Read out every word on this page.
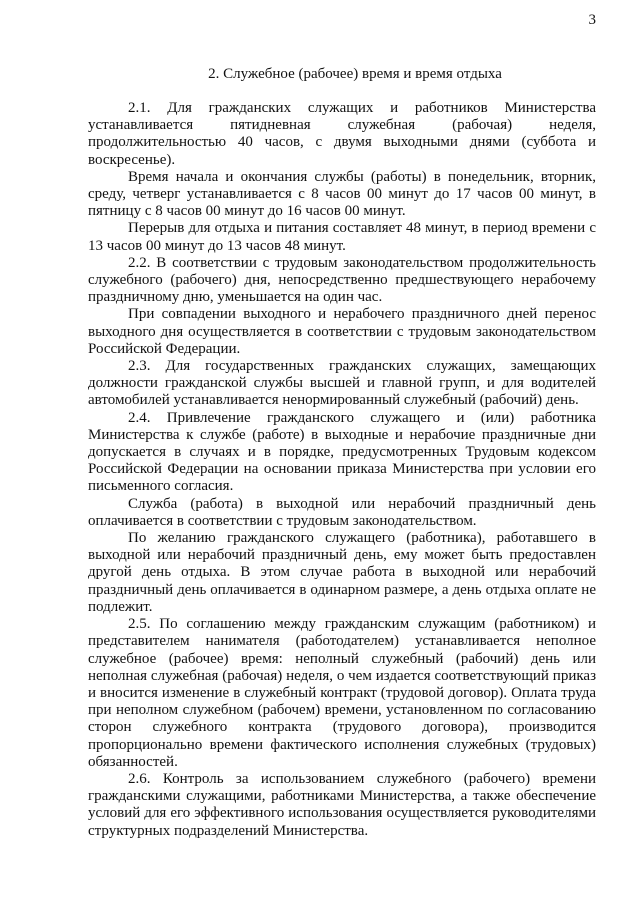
3
2. Служебное (рабочее) время и время отдыха

2.1. Для гражданских служащих и работников Министерства устанавливается пятидневная служебная (рабочая) неделя, продолжительностью 40 часов, с двумя выходными днями (суббота и воскресенье).

Время начала и окончания службы (работы) в понедельник, вторник, среду, четверг устанавливается с 8 часов 00 минут до 17 часов 00 минут, в пятницу с 8 часов 00 минут до 16 часов 00 минут.

Перерыв для отдыха и питания составляет 48 минут, в период времени с 13 часов 00 минут до 13 часов 48 минут.

2.2. В соответствии с трудовым законодательством продолжительность служебного (рабочего) дня, непосредственно предшествующего нерабочему праздничному дню, уменьшается на один час.

При совпадении выходного и нерабочего праздничного дней перенос выходного дня осуществляется в соответствии с трудовым законодательством Российской Федерации.

2.3. Для государственных гражданских служащих, замещающих должности гражданской службы высшей и главной групп, и для водителей автомобилей устанавливается ненормированный служебный (рабочий) день.

2.4. Привлечение гражданского служащего и (или) работника Министерства к службе (работе) в выходные и нерабочие праздничные дни допускается в случаях и в порядке, предусмотренных Трудовым кодексом Российской Федерации на основании приказа Министерства при условии его письменного согласия.

Служба (работа) в выходной или нерабочий праздничный день оплачивается в соответствии с трудовым законодательством.

По желанию гражданского служащего (работника), работавшего в выходной или нерабочий праздничный день, ему может быть предоставлен другой день отдыха. В этом случае работа в выходной или нерабочий праздничный день оплачивается в одинарном размере, а день отдыха оплате не подлежит.

2.5. По соглашению между гражданским служащим (работником) и представителем нанимателя (работодателем) устанавливается неполное служебное (рабочее) время: неполный служебный (рабочий) день или неполная служебная (рабочая) неделя, о чем издается соответствующий приказ и вносится изменение в служебный контракт (трудовой договор). Оплата труда при неполном служебном (рабочем) времени, установленном по согласованию сторон служебного контракта (трудового договора), производится пропорционально времени фактического исполнения служебных (трудовых) обязанностей.

2.6. Контроль за использованием служебного (рабочего) времени гражданскими служащими, работниками Министерства, а также обеспечение условий для его эффективного использования осуществляется руководителями структурных подразделений Министерства.
